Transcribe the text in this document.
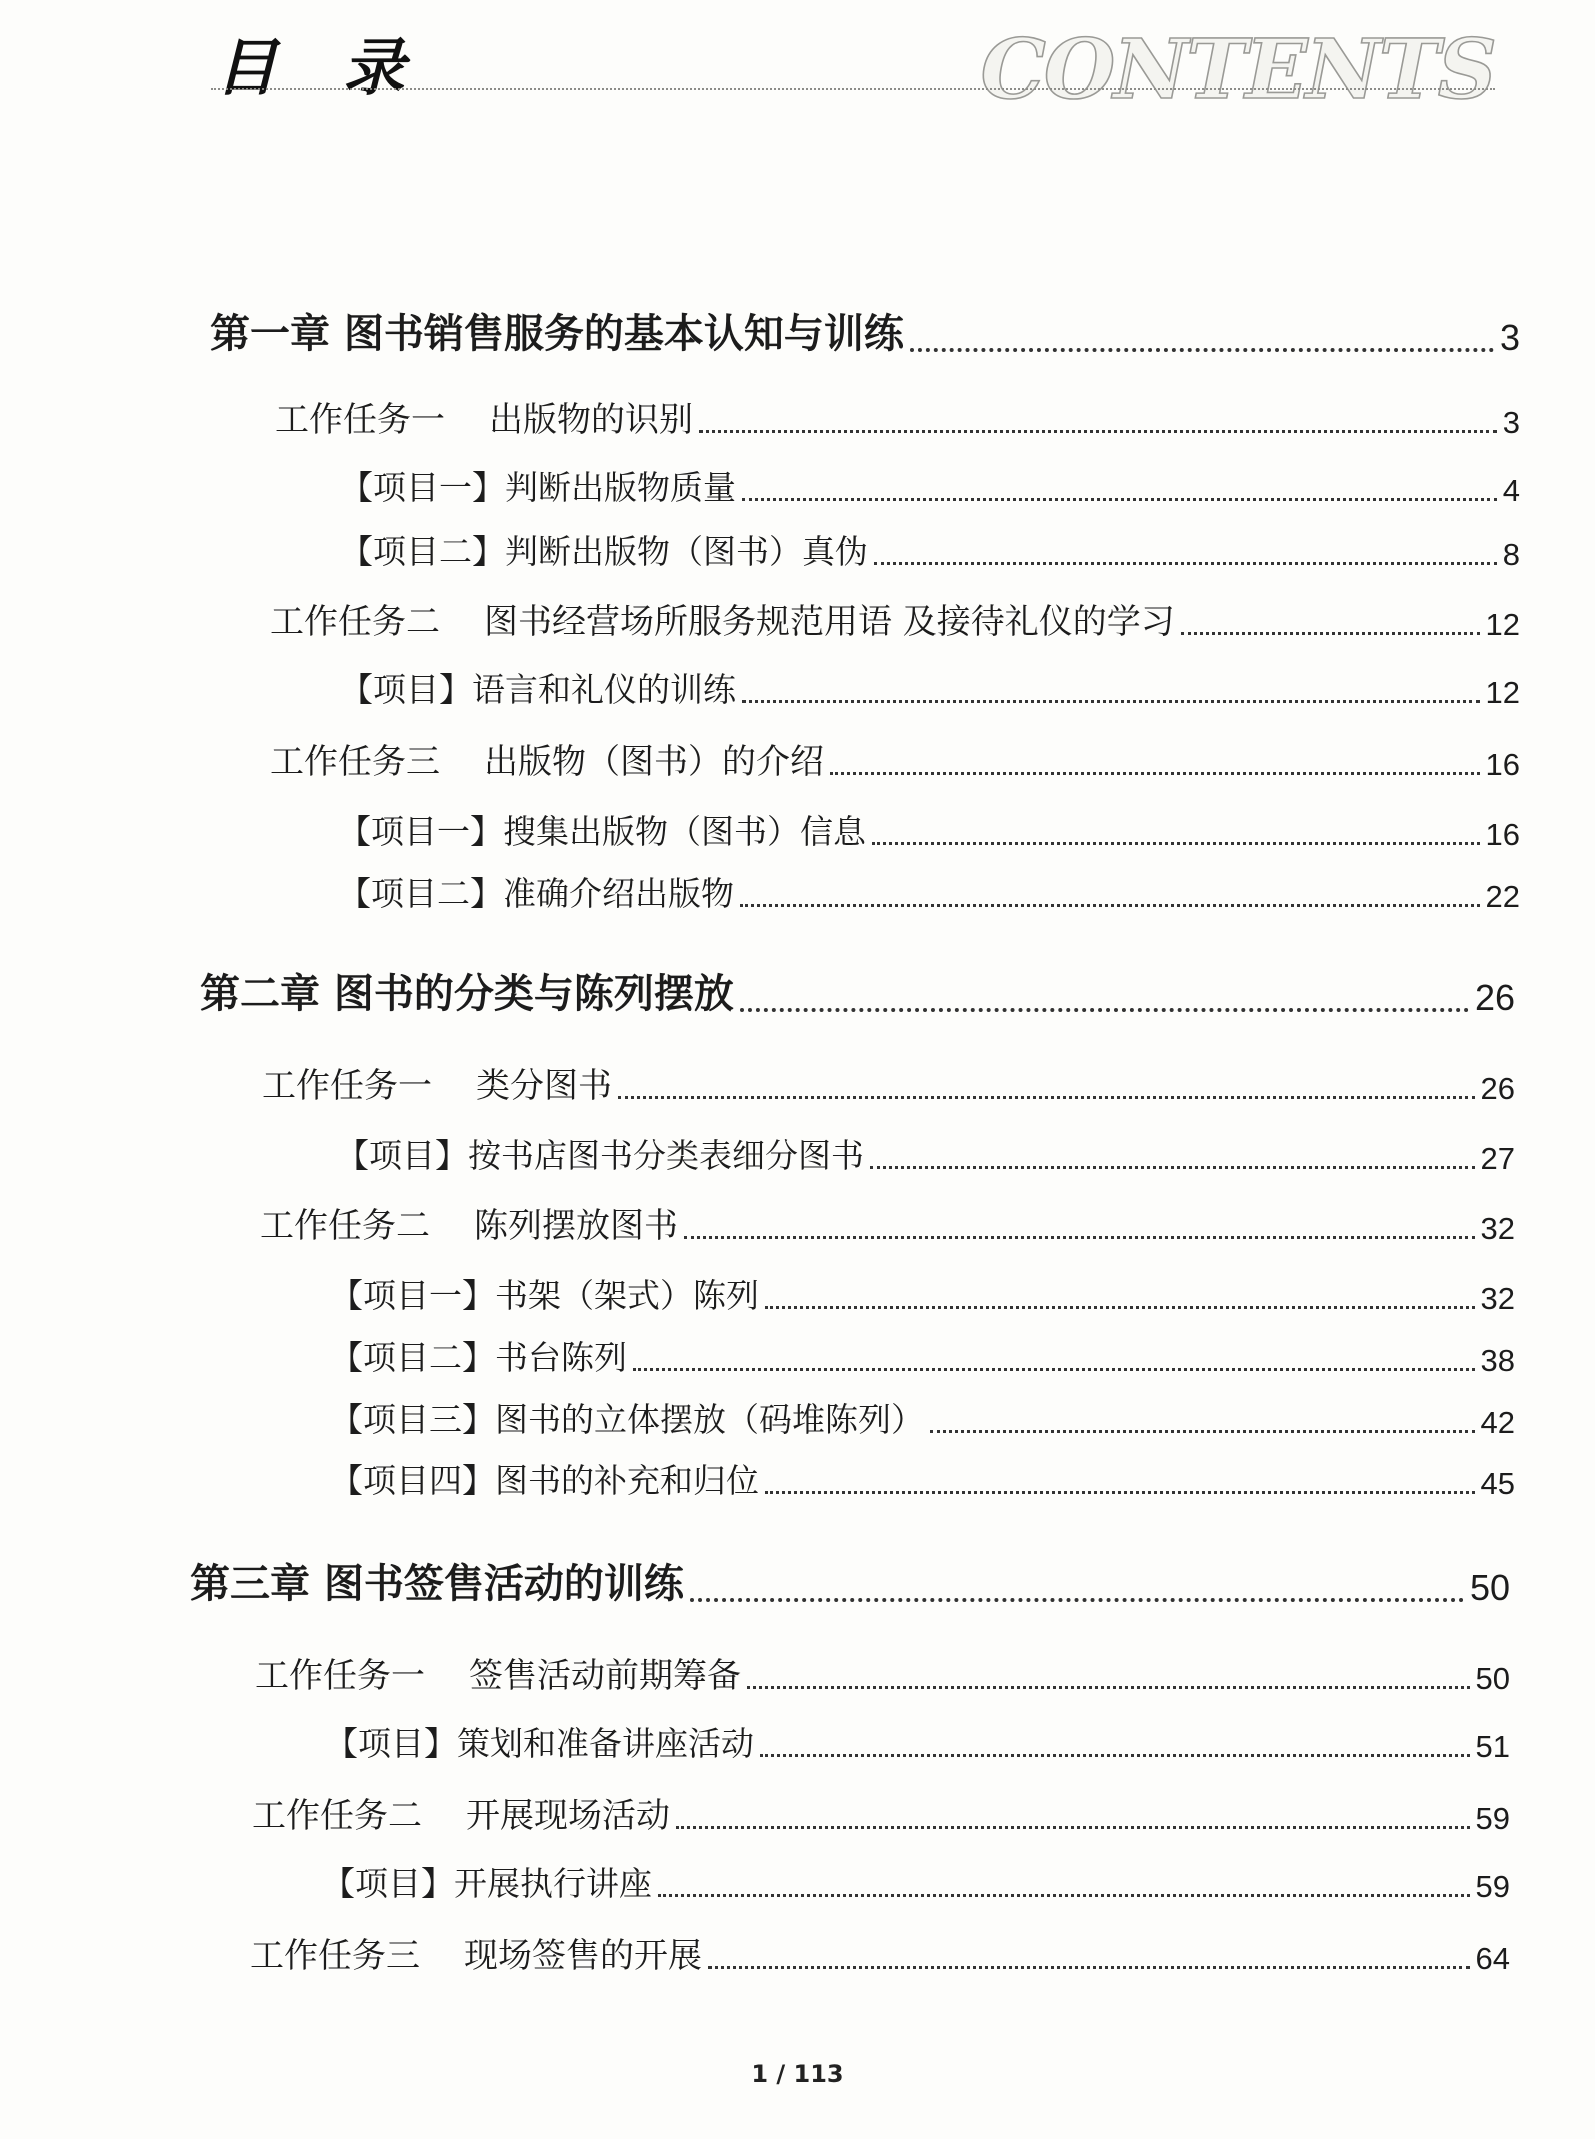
目 录	CONTENTS
第一章 图书销售服务的基本认知与训练	3
工作任务一 出版物的识别	3
【项目一】判断出版物质量	4
【项目二】判断出版物（图书）真伪	8
工作任务二 图书经营场所服务规范用语 及接待礼仪的学习	12
【项目】语言和礼仪的训练	12
工作任务三 出版物（图书）的介绍	16
【项目一】搜集出版物（图书）信息	16
【项目二】准确介绍出版物	22
第二章 图书的分类与陈列摆放	26
工作任务一 类分图书	26
【项目】按书店图书分类表细分图书	27
工作任务二 陈列摆放图书	32
【项目一】书架（架式）陈列	32
【项目二】书台陈列	38
【项目三】图书的立体摆放（码堆陈列）	42
【项目四】图书的补充和归位	45
第三章 图书签售活动的训练	50
工作任务一 签售活动前期筹备	50
【项目】策划和准备讲座活动	51
工作任务二 开展现场活动	59
【项目】开展执行讲座	59
工作任务三 现场签售的开展	64
1 / 113
